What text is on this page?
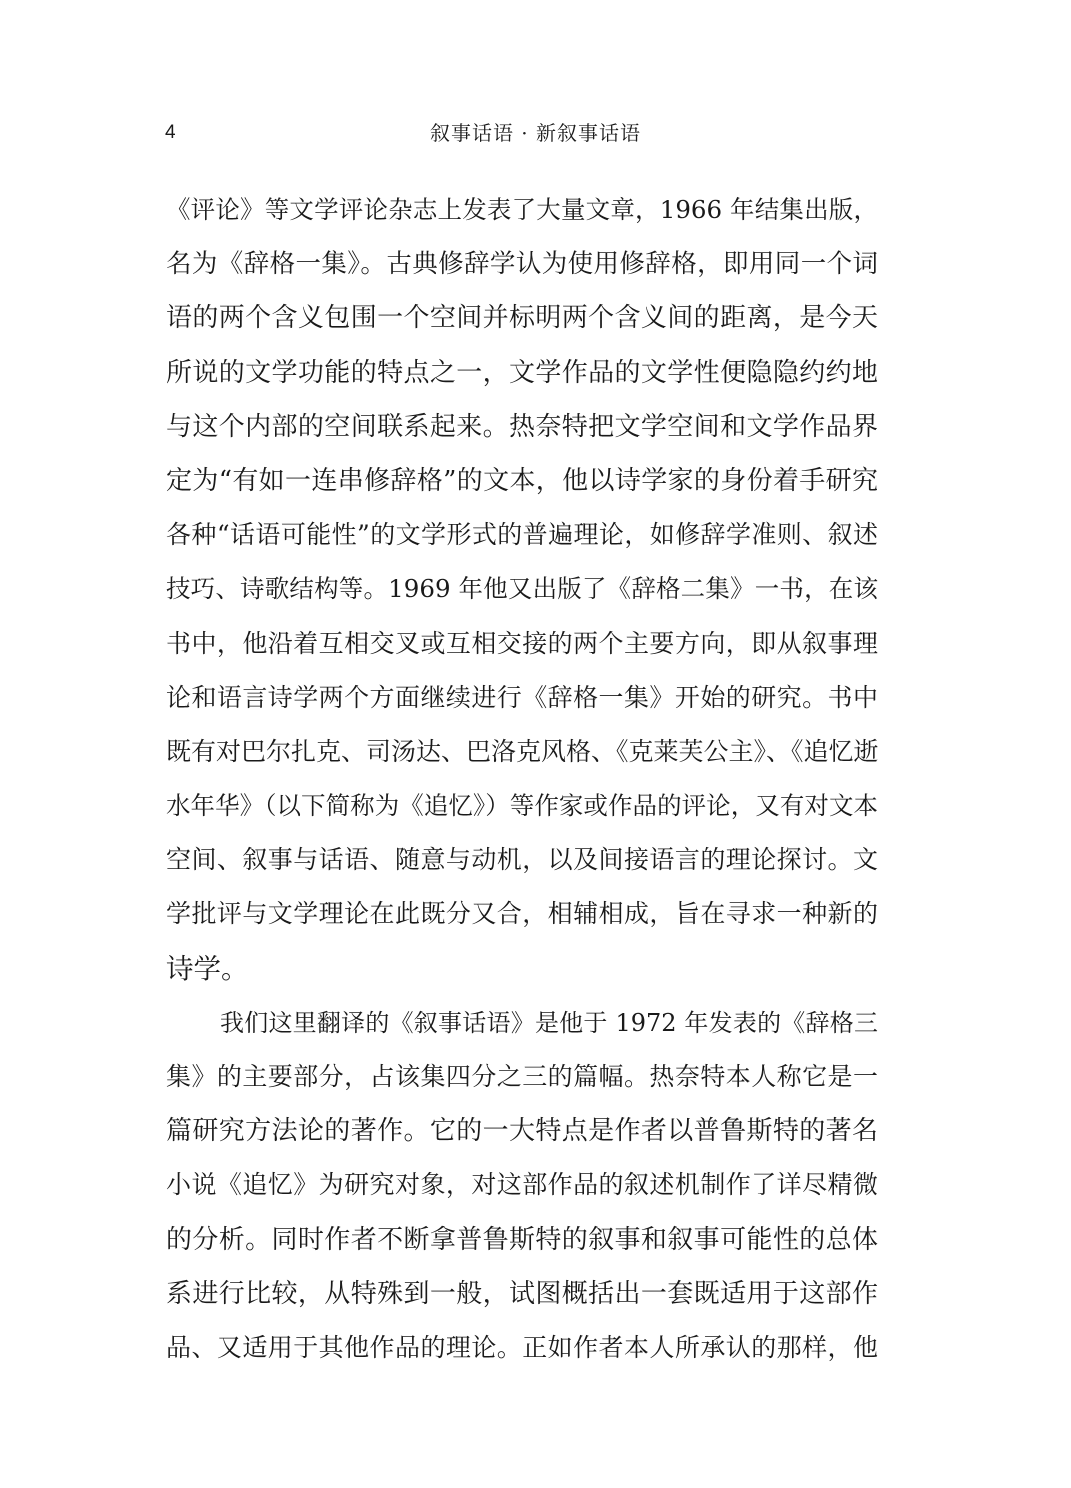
4	叙事话语 · 新叙事话语
《评论》等文学评论杂志上发表了大量文章，1966 年结集出版，
名为《辞格一集》。古典修辞学认为使用修辞格，即用同一个词
语的两个含义包围一个空间并标明两个含义间的距离，是今天
所说的文学功能的特点之一，文学作品的文学性便隐隐约约地
与这个内部的空间联系起来。热奈特把文学空间和文学作品界
定为“有如一连串修辞格”的文本，他以诗学家的身份着手研究
各种“话语可能性”的文学形式的普遍理论，如修辞学准则、叙述
技巧、诗歌结构等。1969 年他又出版了《辞格二集》一书，在该
书中，他沿着互相交叉或互相交接的两个主要方向，即从叙事理
论和语言诗学两个方面继续进行《辞格一集》开始的研究。书中
既有对巴尔扎克、司汤达、巴洛克风格、《克莱芙公主》、《追忆逝
水年华》（以下简称为《追忆》）等作家或作品的评论，又有对文本
空间、叙事与话语、随意与动机，以及间接语言的理论探讨。文
学批评与文学理论在此既分又合，相辅相成，旨在寻求一种新的
诗学。
我们这里翻译的《叙事话语》是他于 1972 年发表的《辞格三
集》的主要部分，占该集四分之三的篇幅。热奈特本人称它是一
篇研究方法论的著作。它的一大特点是作者以普鲁斯特的著名
小说《追忆》为研究对象，对这部作品的叙述机制作了详尽精微
的分析。同时作者不断拿普鲁斯特的叙事和叙事可能性的总体
系进行比较，从特殊到一般，试图概括出一套既适用于这部作
品、又适用于其他作品的理论。正如作者本人所承认的那样，他
